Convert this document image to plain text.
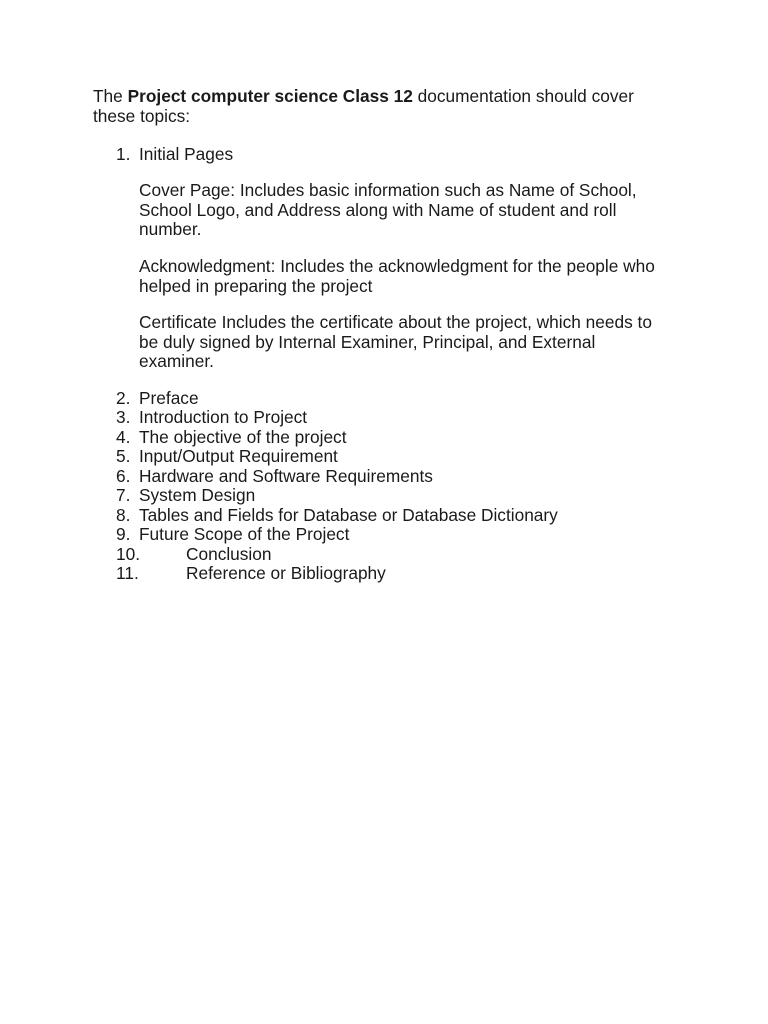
The Project computer science Class 12 documentation should cover these topics:

1. Initial Pages

Cover Page: Includes basic information such as Name of School, School Logo, and Address along with Name of student and roll number.

Acknowledgment: Includes the acknowledgment for the people who helped in preparing the project

Certificate Includes the certificate about the project, which needs to be duly signed by Internal Examiner, Principal, and External examiner.

2. Preface
3. Introduction to Project
4. The objective of the project
5. Input/Output Requirement
6. Hardware and Software Requirements
7. System Design
8. Tables and Fields for Database or Database Dictionary
9. Future Scope of the Project
10.	Conclusion
11.	Reference or Bibliography
